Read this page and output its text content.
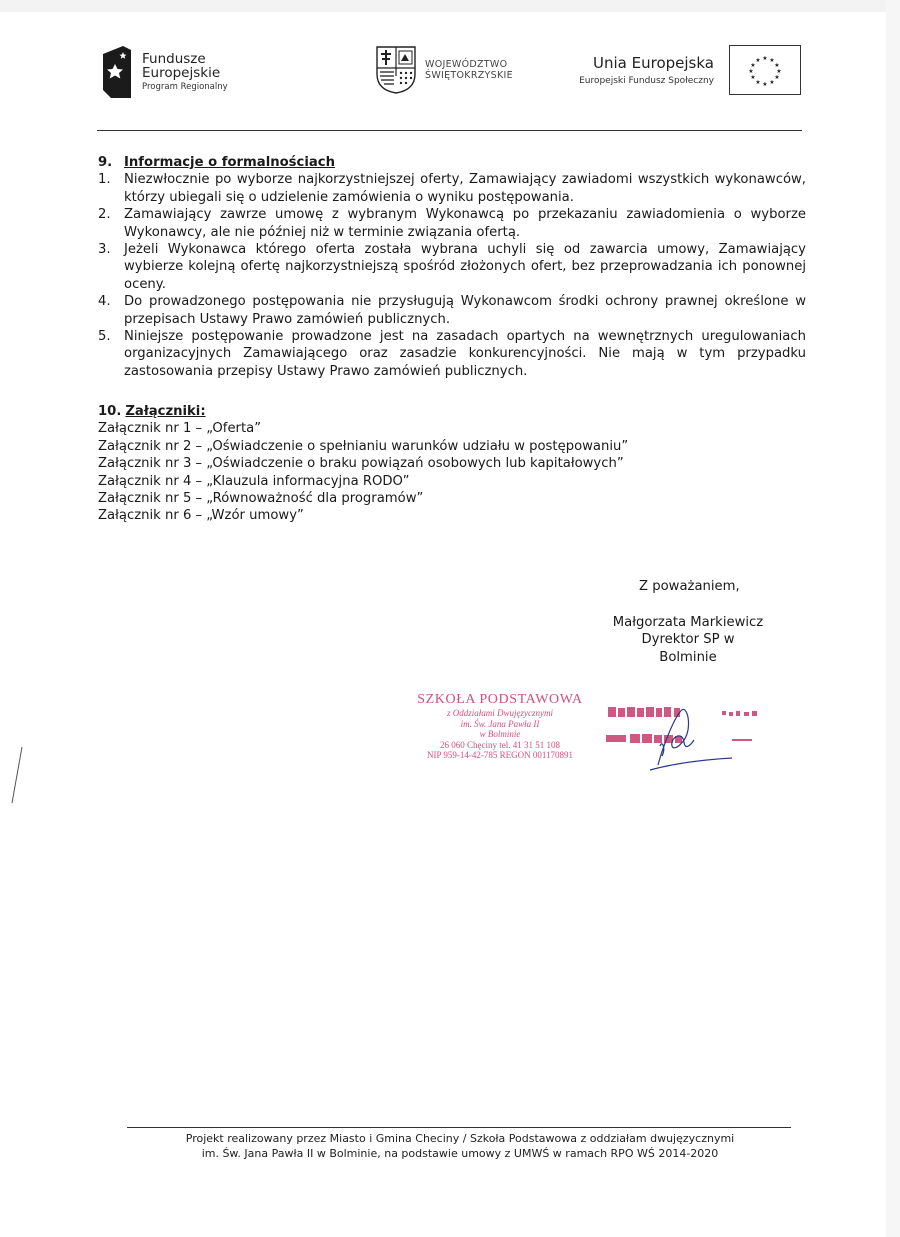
Fundusze
Europejskie
Program Regionalny
WOJEWÓDZTWO
ŚWIĘTOKRZYSKIE
Unia Europejska
Europejski Fundusz Społeczny
★ ★
★
★
★
★
★
★
★
★
★
★
9. Informacje o formalnościach
1.	Niezwłocznie po wyborze najkorzystniejszej oferty, Zamawiający zawiadomi wszystkich wykonawców, którzy ubiegali się o udzielenie zamówienia o wyniku postępowania.
2.	Zamawiający zawrze umowę z wybranym Wykonawcą po przekazaniu zawiadomienia o wyborze Wykonawcy, ale nie później niż w terminie związania ofertą.
3.	Jeżeli Wykonawca którego oferta została wybrana uchyli się od zawarcia umowy, Zamawiający wybierze kolejną ofertę najkorzystniejszą spośród złożonych ofert, bez przeprowadzania ich ponownej oceny.
4.	Do prowadzonego postępowania nie przysługują Wykonawcom środki ochrony prawnej określone w przepisach Ustawy Prawo zamówień publicznych.
5.	Niniejsze postępowanie prowadzone jest na zasadach opartych na wewnętrznych uregulowaniach organizacyjnych Zamawiającego oraz zasadzie konkurencyjności. Nie mają w tym przypadku zastosowania przepisy Ustawy Prawo zamówień publicznych.
10. Załączniki:
Załącznik nr 1 – „Oferta”
Załącznik nr 2 – „Oświadczenie o spełnianiu warunków udziału w postępowaniu”
Załącznik nr 3 – „Oświadczenie o braku powiązań osobowych lub kapitałowych”
Załącznik nr 4 – „Klauzula informacyjna RODO”
Załącznik nr 5 – „Równoważność dla programów”
Załącznik nr 6 – „Wzór umowy”
Z poważaniem,
Małgorzata Markiewicz
Dyrektor SP w Bolminie
SZKOŁA PODSTAWOWA
z Oddziałami Dwujęzycznymi
im. Św. Jana Pawła II
w Bolminie
26 060 Chęciny tel. 41 31 51 108
NIP 959-14-42-785 REGON 001170891
Projekt realizowany przez Miasto i Gmina Checiny / Szkoła Podstawowa z oddziałam dwujęzycznymi
im. Św. Jana Pawła II w Bolminie, na podstawie umowy z UMWŚ w ramach RPO WŚ 2014-2020
